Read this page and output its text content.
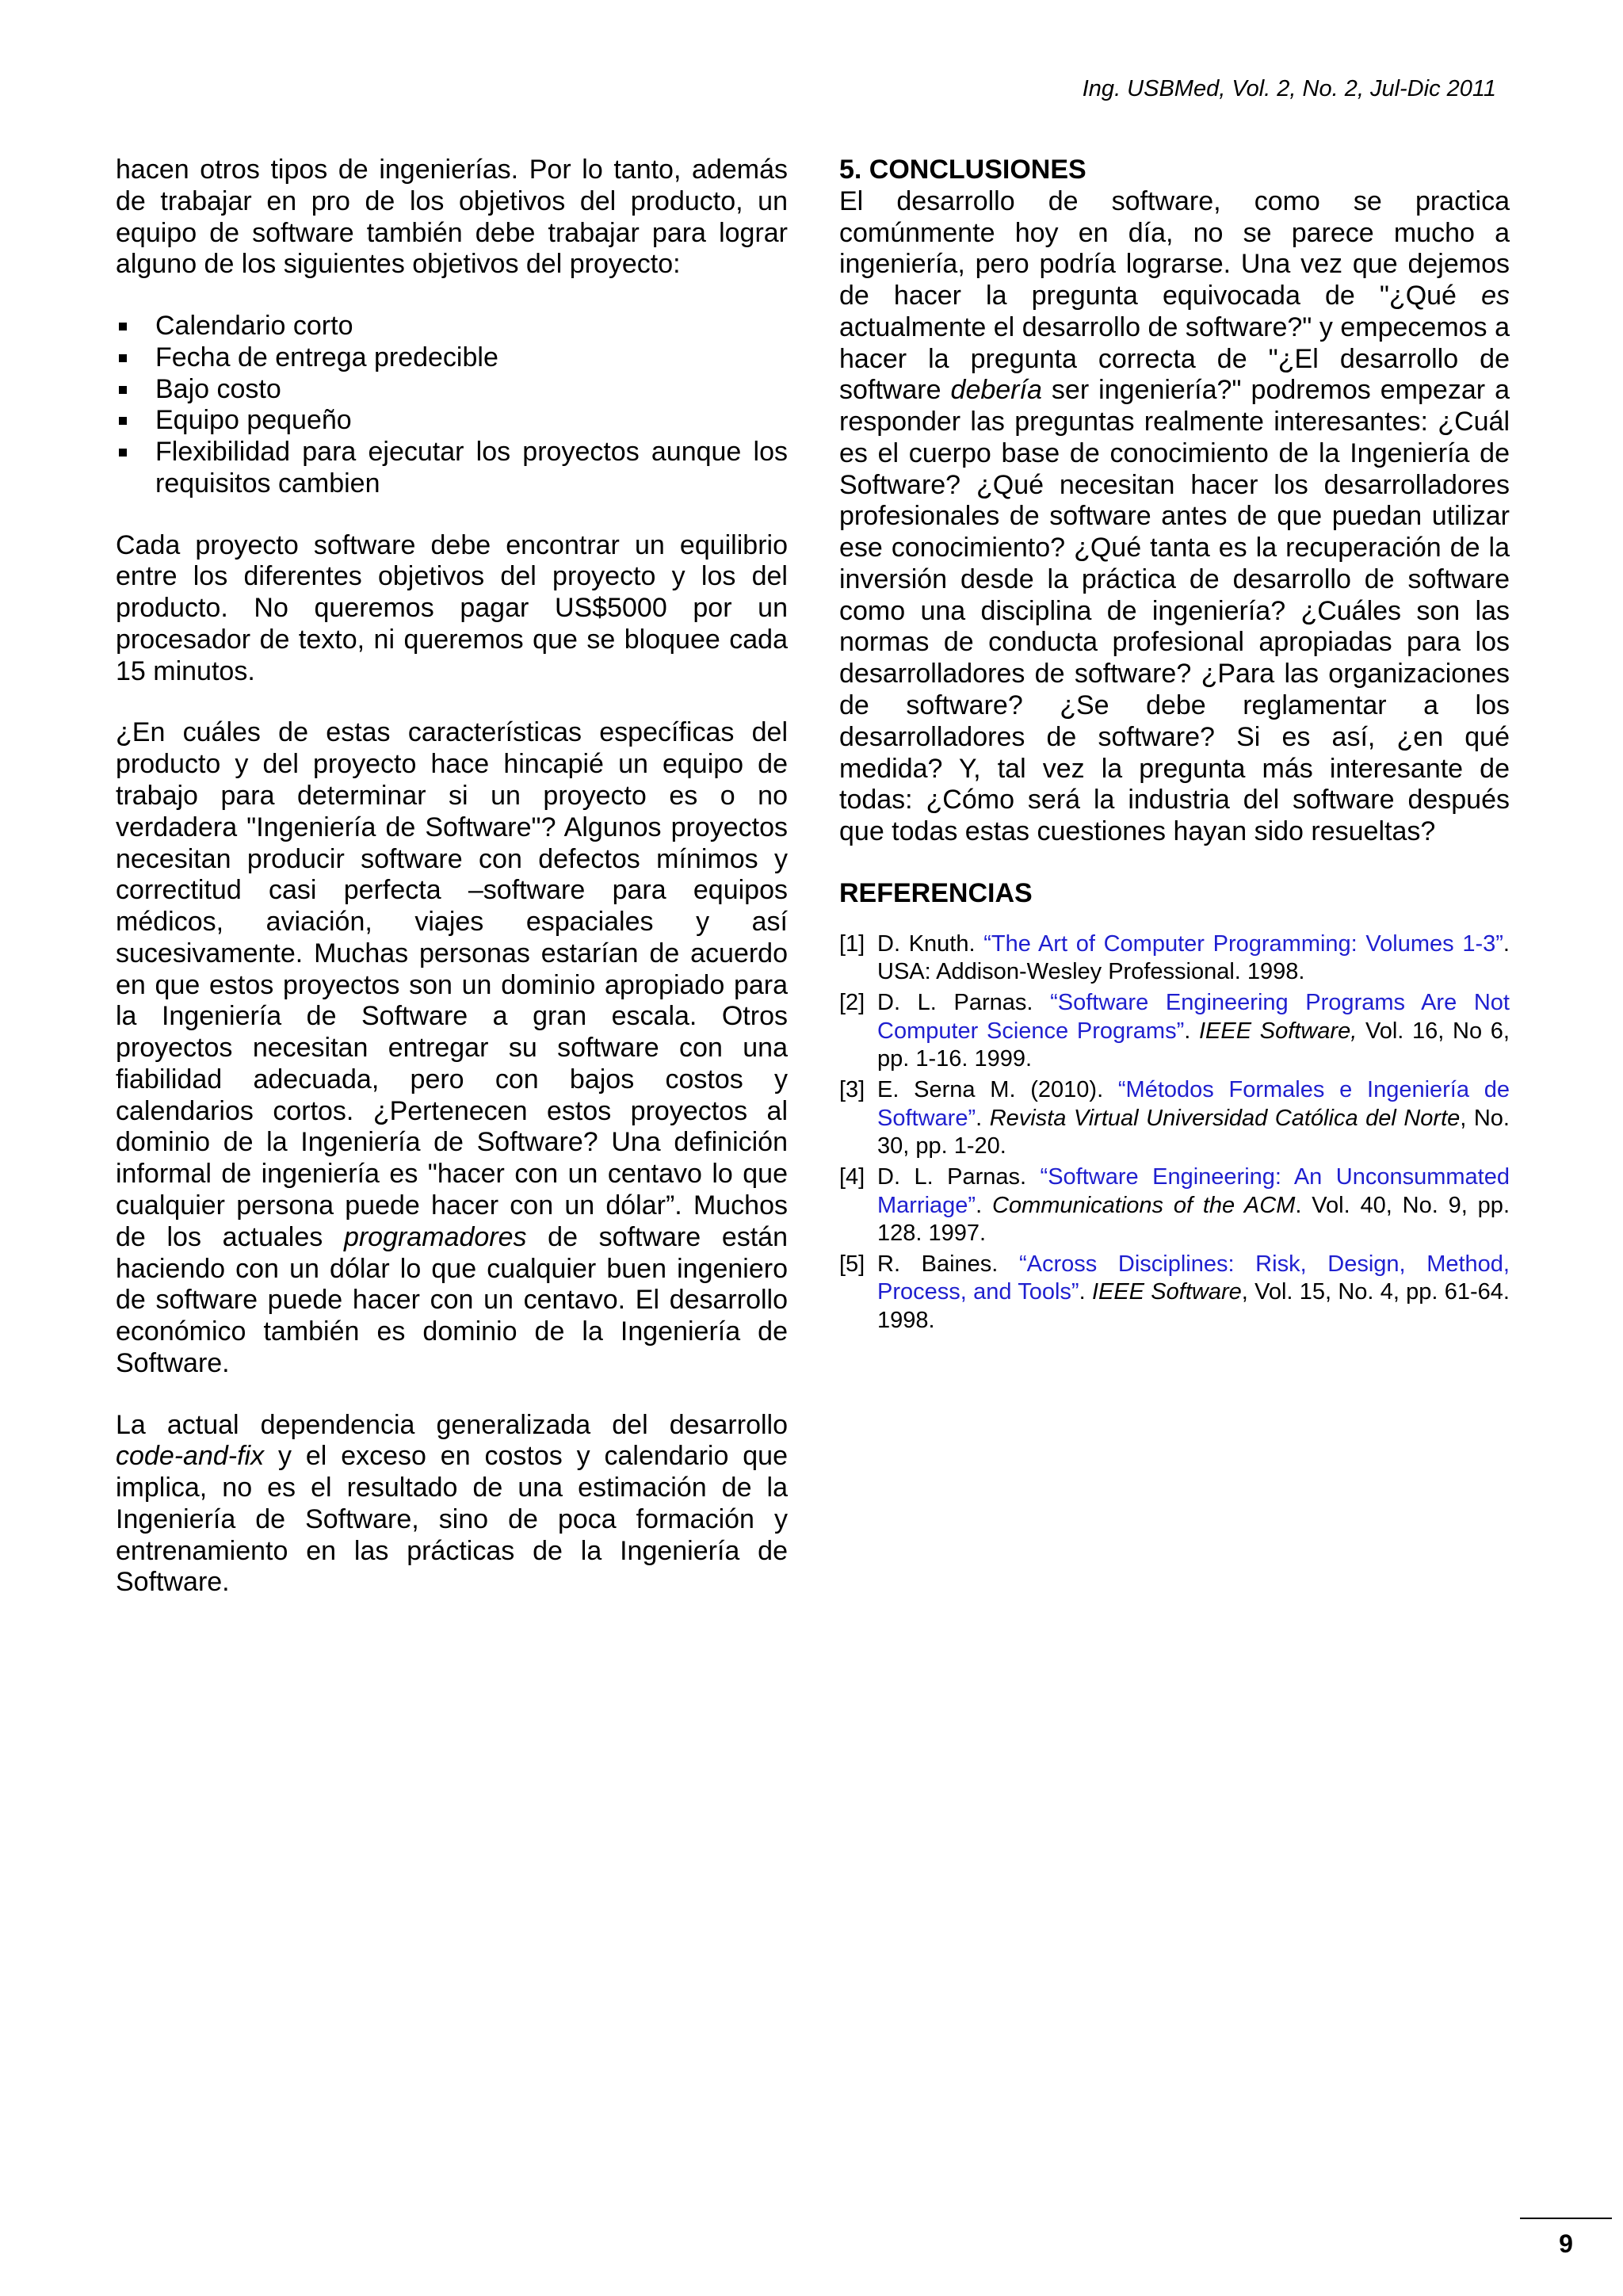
Ing. USBMed, Vol. 2, No. 2, Jul-Dic 2011

hacen otros tipos de ingenierías. Por lo tanto, además de trabajar en pro de los objetivos del producto, un equipo de software también debe trabajar para lograr alguno de los siguientes objetivos del proyecto:

Calendario corto
Fecha de entrega predecible
Bajo costo
Equipo pequeño
Flexibilidad para ejecutar los proyectos aunque los requisitos cambien

Cada proyecto software debe encontrar un equilibrio entre los diferentes objetivos del proyecto y los del producto. No queremos pagar US$5000 por un procesador de texto, ni queremos que se bloquee cada 15 minutos.

¿En cuáles de estas características específicas del producto y del proyecto hace hincapié un equipo de trabajo para determinar si un proyecto es o no verdadera "Ingeniería de Software"? Algunos proyectos necesitan producir software con defectos mínimos y correctitud casi perfecta –software para equipos médicos, aviación, viajes espaciales y así sucesivamente. Muchas personas estarían de acuerdo en que estos proyectos son un dominio apropiado para la Ingeniería de Software a gran escala. Otros proyectos necesitan entregar su software con una fiabilidad adecuada, pero con bajos costos y calendarios cortos. ¿Pertenecen estos proyectos al dominio de la Ingeniería de Software? Una definición informal de ingeniería es "hacer con un centavo lo que cualquier persona puede hacer con un dólar”. Muchos de los actuales programadores de software están haciendo con un dólar lo que cualquier buen ingeniero de software puede hacer con un centavo. El desarrollo económico también es dominio de la Ingeniería de Software.

La actual dependencia generalizada del desarrollo code-and-fix y el exceso en costos y calendario que implica, no es el resultado de una estimación de la Ingeniería de Software, sino de poca formación y entrenamiento en las prácticas de la Ingeniería de Software.

5. CONCLUSIONES

El desarrollo de software, como se practica comúnmente hoy en día, no se parece mucho a ingeniería, pero podría lograrse. Una vez que dejemos de hacer la pregunta equivocada de "¿Qué es actualmente el desarrollo de software?" y empecemos a hacer la pregunta correcta de "¿El desarrollo de software debería ser ingeniería?" podremos empezar a responder las preguntas realmente interesantes: ¿Cuál es el cuerpo base de conocimiento de la Ingeniería de Software? ¿Qué necesitan hacer los desarrolladores profesionales de software antes de que puedan utilizar ese conocimiento? ¿Qué tanta es la recuperación de la inversión desde la práctica de desarrollo de software como una disciplina de ingeniería? ¿Cuáles son las normas de conducta profesional apropiadas para los desarrolladores de software? ¿Para las organizaciones de software? ¿Se debe reglamentar a los desarrolladores de software? Si es así, ¿en qué medida? Y, tal vez la pregunta más interesante de todas: ¿Cómo será la industria del software después que todas estas cuestiones hayan sido resueltas?

REFERENCIAS
[1] D. Knuth. “The Art of Computer Programming: Volumes 1-3”. USA: Addison-Wesley Professional. 1998.
[2] D. L. Parnas. “Software Engineering Programs Are Not Computer Science Programs”. IEEE Software, Vol. 16, No 6, pp. 1-16. 1999.
[3] E. Serna M. (2010). “Métodos Formales e Ingeniería de Software”. Revista Virtual Universidad Católica del Norte, No. 30, pp. 1-20.
[4] D. L. Parnas. “Software Engineering: An Unconsummated Marriage”. Communications of the ACM. Vol. 40, No. 9, pp. 128. 1997.
[5] R. Baines. “Across Disciplines: Risk, Design, Method, Process, and Tools”. IEEE Software, Vol. 15, No. 4, pp. 61-64. 1998.
9
